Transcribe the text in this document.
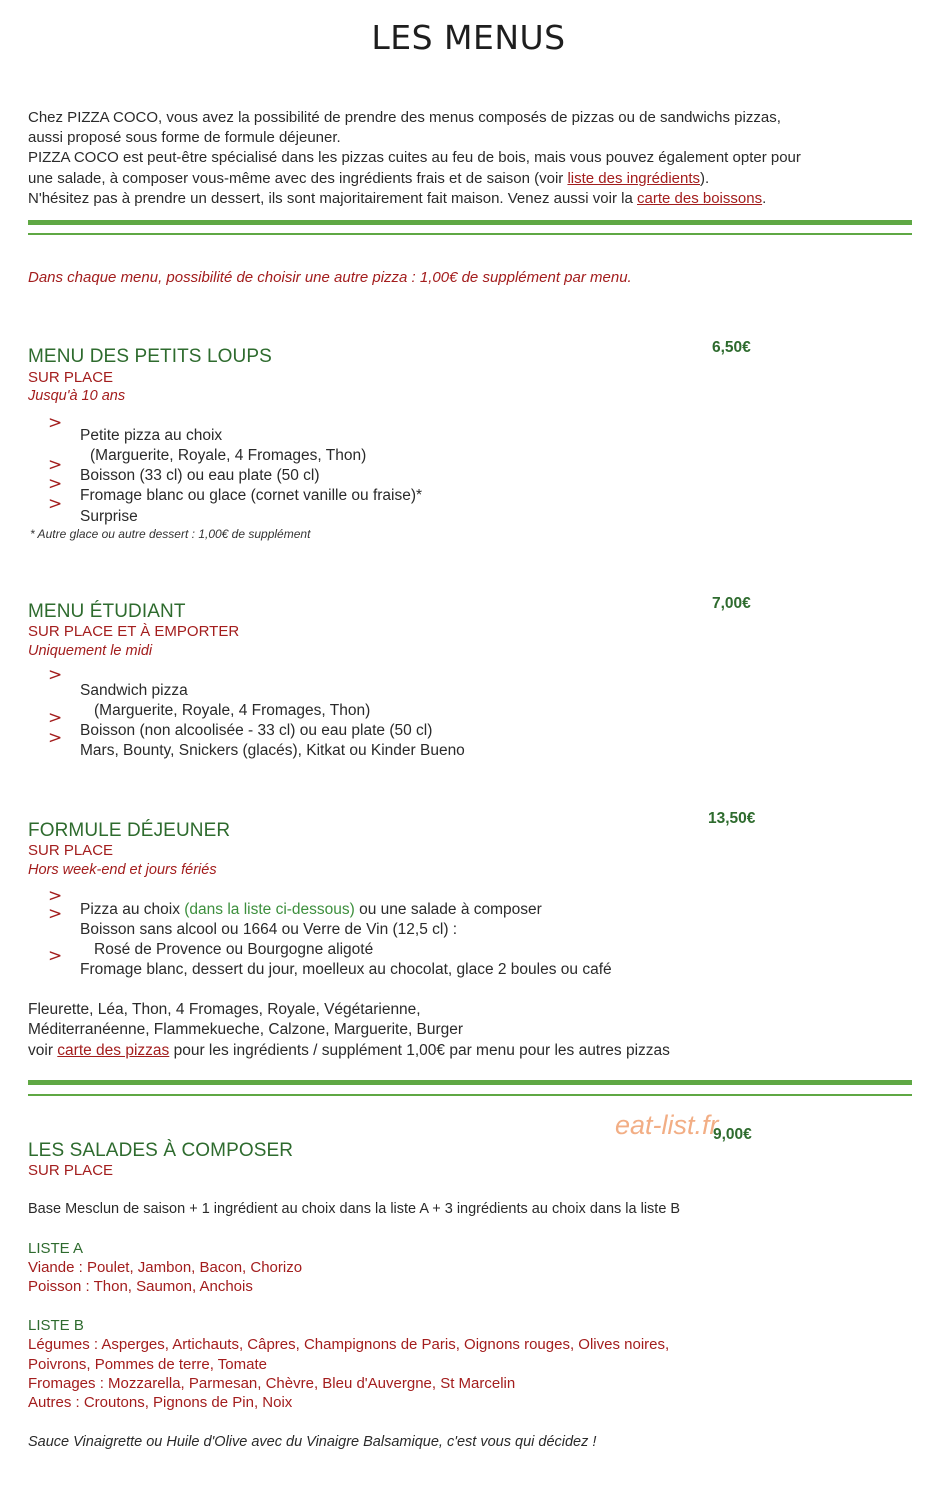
LES MENUS
Chez PIZZA COCO, vous avez la possibilité de prendre des menus composés de pizzas ou de sandwichs pizzas,
aussi proposé sous forme de formule déjeuner.
PIZZA COCO est peut-être spécialisé dans les pizzas cuites au feu de bois, mais vous pouvez également opter pour
une salade, à composer vous-même avec des ingrédients frais et de saison (voir liste des ingrédients).
N'hésitez pas à prendre un dessert, ils sont majoritairement fait maison. Venez aussi voir la carte des boissons.
Dans chaque menu, possibilité de choisir une autre pizza : 1,00€ de supplément par menu.
MENU DES PETITS LOUPS	6,50€
SUR PLACE
Jusqu'à 10 ans
>
>
>
>
Petite pizza au choix
(Marguerite, Royale, 4 Fromages, Thon)
Boisson (33 cl) ou eau plate (50 cl)
Fromage blanc ou glace (cornet vanille ou fraise)*
Surprise
* Autre glace ou autre dessert : 1,00€ de supplément
MENU ÉTUDIANT	7,00€
SUR PLACE ET À EMPORTER
Uniquement le midi
>
>
>
Sandwich pizza
(Marguerite, Royale, 4 Fromages, Thon)
Boisson (non alcoolisée - 33 cl) ou eau plate (50 cl)
Mars, Bounty, Snickers (glacés), Kitkat ou Kinder Bueno
FORMULE DÉJEUNER
13,50€
SUR PLACE
Hors week-end et jours fériés
>
>
>
Pizza au choix (dans la liste ci-dessous) ou une salade à composer
Boisson sans alcool ou 1664 ou Verre de Vin (12,5 cl) :
Rosé de Provence ou Bourgogne aligoté
Fromage blanc, dessert du jour, moelleux au chocolat, glace 2 boules ou café
Fleurette, Léa, Thon, 4 Fromages, Royale, Végétarienne,
Méditerranéenne, Flammekueche, Calzone, Marguerite, Burger
voir carte des pizzas pour les ingrédients / supplément 1,00€ par menu pour les autres pizzas
LES SALADES À COMPOSER
SUR PLACE
9,00€
eat-list.fr
Base Mesclun de saison + 1 ingrédient au choix dans la liste A + 3 ingrédients au choix dans la liste B
LISTE A
Viande : Poulet, Jambon, Bacon, Chorizo
Poisson : Thon, Saumon, Anchois
LISTE B
Légumes : Asperges, Artichauts, Câpres, Champignons de Paris, Oignons rouges, Olives noires,
Poivrons, Pommes de terre, Tomate
Fromages : Mozzarella, Parmesan, Chèvre, Bleu d'Auvergne, St Marcelin
Autres : Croutons, Pignons de Pin, Noix
Sauce Vinaigrette ou Huile d'Olive avec du Vinaigre Balsamique, c'est vous qui décidez !
